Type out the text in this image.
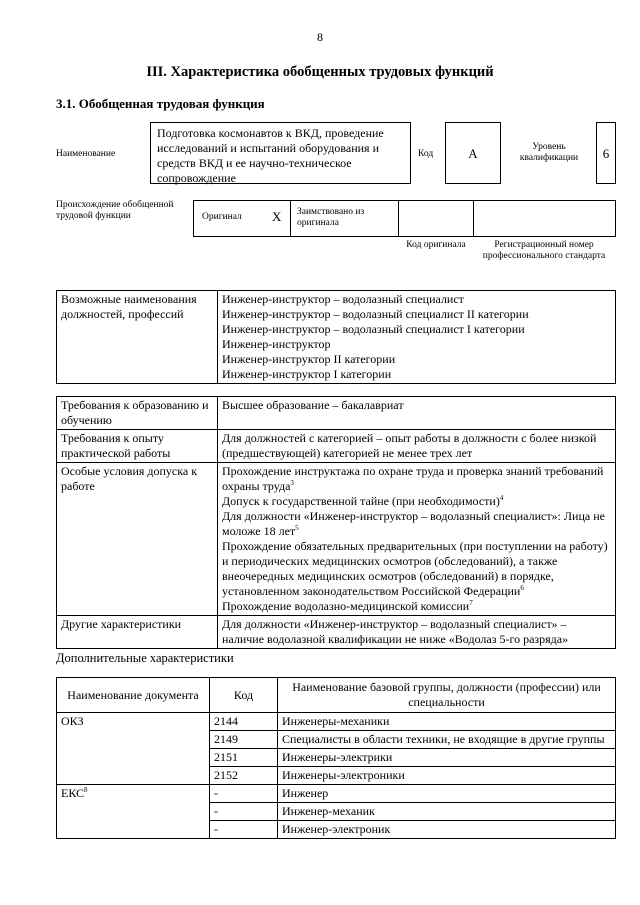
8
III. Характеристика обобщенных трудовых функций
3.1. Обобщенная трудовая функция
Наименование
Подготовка космонавтов к ВКД, проведение исследований и испытаний оборудования и средств ВКД и ее научно-техническое сопровождение
Код	А	Уровень квалификации	6
Происхождение обобщенной трудовой функции	Оригинал X	Заимствовано из оригинала
Код оригинала	Регистрационный номер профессионального стандарта
Возможные наименования должностей, профессий	
Инженер-инструктор – водолазный специалист
Инженер-инструктор – водолазный специалист II категории
Инженер-инструктор – водолазный специалист I категории
Инженер-инструктор
Инженер-инструктор II категории
Инженер-инструктор I категории
Требования к образованию и обучению	Высшее образование – бакалавриат
Требования к опыту практической работы	Для должностей с категорией – опыт работы в должности с более низкой (предшествующей) категорией не менее трех лет
Особые условия допуска к работе	Прохождение инструктажа по охране труда и проверка знаний требований охраны труда$^3$
Допуск к государственной тайне (при необходимости)$^4$
Для должности «Инженер-инструктор – водолазный специалист»: Лица не моложе 18 лет$^5$
Прохождение обязательных предварительных (при поступлении на работу) и периодических медицинских осмотров (обследований), а также внеочередных медицинских осмотров (обследований) в порядке, установленном законодательством Российской Федерации$^6$
Прохождение водолазно-медицинской комиссии$^7$

Другие характеристики	Для должности «Инженер-инструктор – водолазный специалист» – наличие водолазной квалификации не ниже «Водолаз 5-го разряда»
Дополнительные характеристики
Наименование документа	Код	Наименование базовой группы, должности (профессии) или специальности
ОКЗ	2144	Инженеры-механики
	2149	Специалисты в области техники, не входящие в другие группы
	2151	Инженеры-электрики
	2152	Инженеры-электроники
ЕКС$^8$	-	Инженер
	-	Инженер-механик
	-	Инженер-электроник
